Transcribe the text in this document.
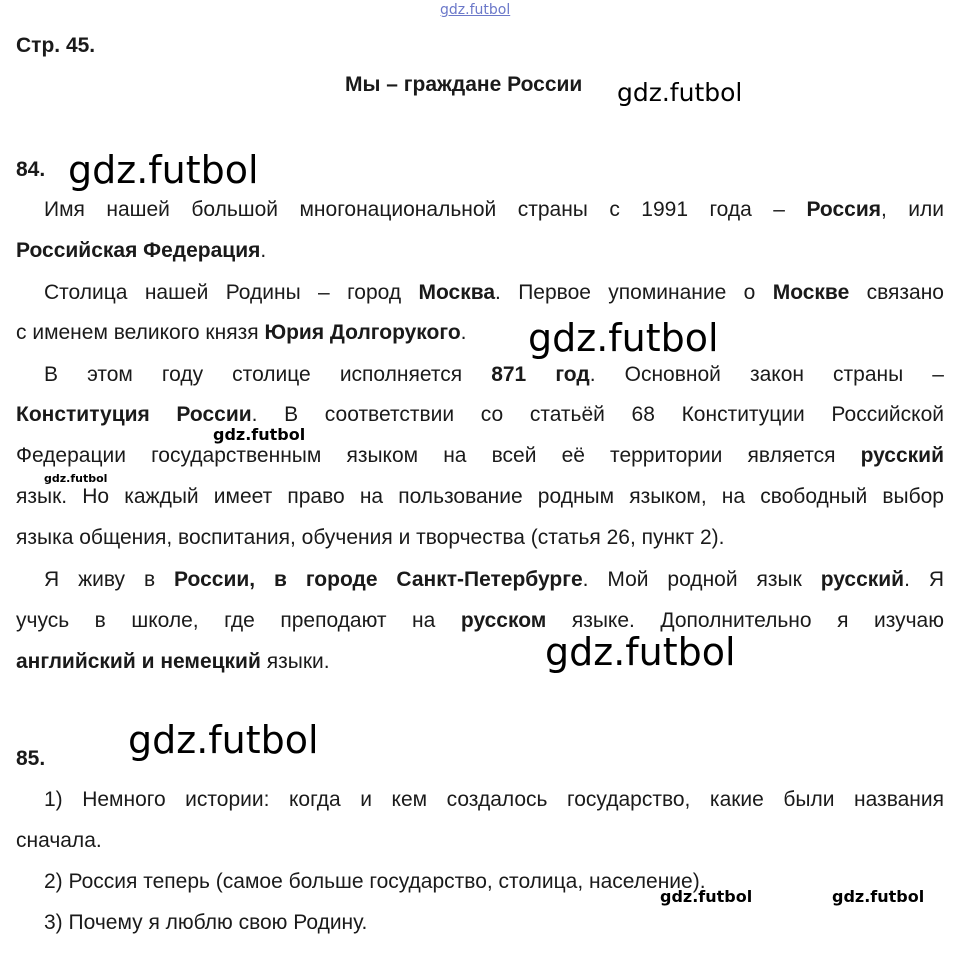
gdz.futbol
gdz.futbol
gdz.futbol
gdz.futbol
gdz.futbol
gdz.futbol
gdz.futbol
gdz.futbol
gdz.futbol	gdz.futbol
Стр. 45.
Мы – граждане России
84.
Имя нашей большой многонациональной страны с 1991 года – Россия, или
Российская Федерация.
Столица нашей Родины – город Москва. Первое упоминание о Москве связано
с именем великого князя Юрия Долгорукого.
В этом году столице исполняется 871 год. Основной закон страны –
Конституция России. В соответствии со статьёй 68 Конституции Российской
Федерации государственным языком на всей её территории является русский
язык. Но каждый имеет право на пользование родным языком, на свободный выбор
языка общения, воспитания, обучения и творчества (статья 26, пункт 2).
Я живу в России, в городе Санкт-Петербурге. Мой родной язык русский. Я
учусь в школе, где преподают на русском языке. Дополнительно я изучаю
английский и немецкий языки.
85.
1) Немного истории: когда и кем создалось государство, какие были названия
сначала.
2) Россия теперь (самое больше государство, столица, население).
3) Почему я люблю свою Родину.
